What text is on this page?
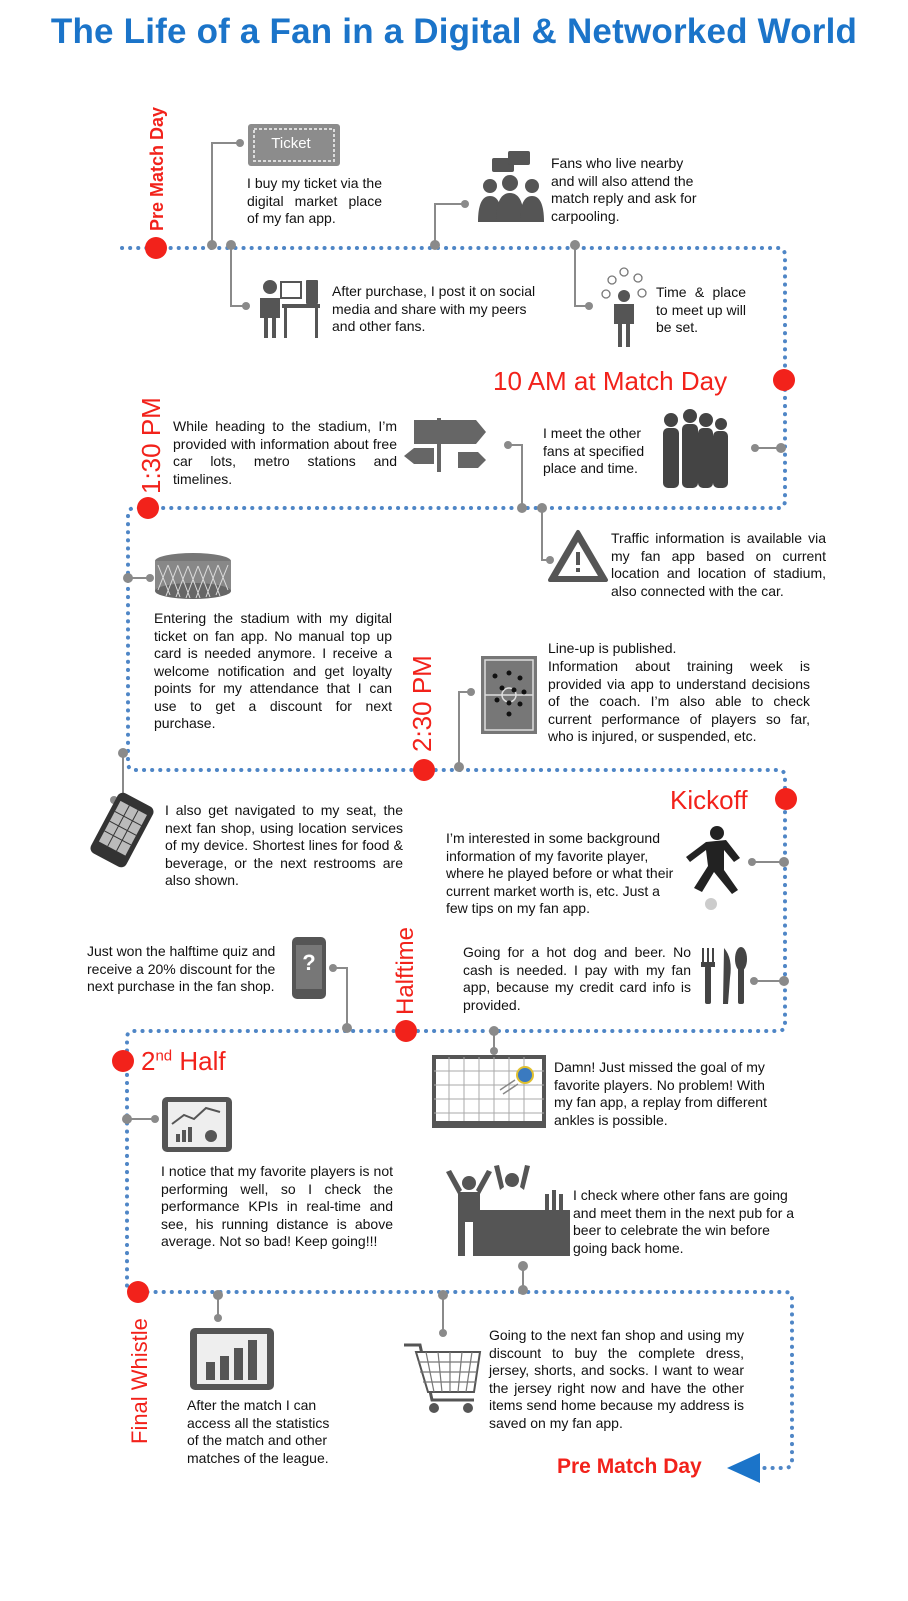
The Life of a Fan in a Digital & Networked World
Ticket
?
Pre Match Day
10 AM at Match Day
1:30 PM
2:30 PM
Kickoff
Halftime
2nd Half
Final Whistle
Pre Match Day
I buy my ticket via the digital market place of my fan app.
After purchase, I post it on social media and share with my peers and other fans.
Fans who live nearby and will also attend the match reply and ask for carpooling.
Time & place to meet up will be set.
I meet the other fans at specified place and time.
While heading to the stadium, I’m provided with information about free car lots, metro stations and timelines.
Traffic information is available via my fan app based on current location and location of stadium, also connected with the car.
Entering the stadium with my digital ticket on fan app. No manual top up card is needed anymore. I receive a welcome notification and get loyalty points for my attendance that I can use to get a discount for next purchase.
Line-up is published.
Information about training week is provided via app to understand decisions of the coach. I’m also able to check current performance of players so far, who is injured, or suspended, etc.
I also get navigated to my seat, the next fan shop, using location services of my device. Shortest lines for food & beverage, or the next restrooms are also shown.
I’m interested in some background information of my favorite player, where he played before or what their current market worth is, etc. Just a few tips on my fan app.
Going for a hot dog and beer. No cash is needed. I pay with my fan app, because my credit card info is provided.
Just won the halftime quiz and receive a 20% discount for the next purchase in the fan shop.
Damn! Just missed the goal of my favorite players. No problem! With my fan app, a replay from different ankles is possible.
I notice that my favorite players is not performing well, so I check the performance KPIs in real-time and see, his running distance is above average. Not so bad! Keep going!!!
I check where other fans are going and meet them in the next pub for a beer to celebrate the win before going back home.
After the match I can access all the statistics of the match and other matches of the league.
Going to the next fan shop and using my discount to buy the complete dress, jersey, shorts, and socks. I want to wear the jersey right now and have the other items send home because my address is saved on my fan app.
